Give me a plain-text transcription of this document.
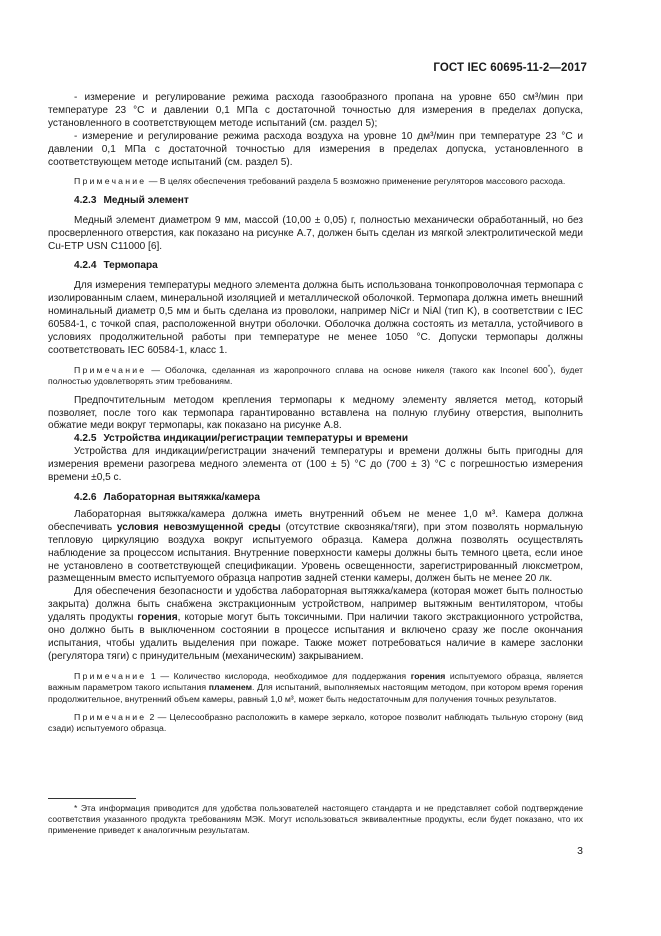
ГОСТ IEC 60695-11-2—2017

- измерение и регулирование режима расхода газообразного пропана на уровне 650 см³/мин при температуре 23 °С и давлении 0,1 МПа с достаточной точностью для измерения в пределах допуска, установленного в соответствующем методе испытаний (см. раздел 5);

- измерение и регулирование режима расхода воздуха на уровне 10 дм³/мин при температуре 23 °С и давлении 0,1 МПа с достаточной точностью для измерения в пределах допуска, установленного в соответствующем методе испытаний (см. раздел 5).

Примечание — В целях обеспечения требований раздела 5 возможно применение регуляторов массового расхода.

4.2.3 Медный элемент

Медный элемент диаметром 9 мм, массой (10,00 ± 0,05) г, полностью механически обработанный, но без просверленного отверстия, как показано на рисунке А.7, должен быть сделан из мягкой электролитической меди Cu-ETP USN C11000 [6].

4.2.4 Термопара

Для измерения температуры медного элемента должна быть использована тонкопроволочная термопара с изолированным слаем, минеральной изоляцией и металлической оболочкой. Термопара должна иметь внешний номинальный диаметр 0,5 мм и быть сделана из проволоки, например NiCr и NiAl (тип K), в соответствии с IEC 60584-1, с точкой спая, расположенной внутри оболочки. Оболочка должна состоять из металла, устойчивого в условиях продолжительной работы при температуре не менее 1050 °С. Допуски термопары должны соответствовать IEC 60584-1, класс 1.

Примечание — Оболочка, сделанная из жаропрочного сплава на основе никеля (такого как Inconel 600*), будет полностью удовлетворять этим требованиям.

Предпочтительным методом крепления термопары к медному элементу является метод, который позволяет, после того как термопара гарантированно вставлена на полную глубину отверстия, выполнить обжатие меди вокруг термопары, как показано на рисунке А.8.

4.2.5 Устройства индикации/регистрации температуры и времени

Устройства для индикации/регистрации значений температуры и времени должны быть пригодны для измерения времени разогрева медного элемента от (100 ± 5) °С до (700 ± 3) °С с погрешностью измерения времени ±0,5 с.

4.2.6 Лабораторная вытяжка/камера

Лабораторная вытяжка/камера должна иметь внутренний объем не менее 1,0 м³. Камера должна обеспечивать условия невозмущенной среды (отсутствие сквозняка/тяги), при этом позволять нормальную тепловую циркуляцию воздуха вокруг испытуемого образца. Камера должна позволять осуществлять наблюдение за процессом испытания. Внутренние поверхности камеры должны быть темного цвета, если иное не установлено в соответствующей спецификации. Уровень освещенности, зарегистрированный люксметром, размещенным вместо испытуемого образца напротив задней стенки камеры, должен быть не менее 20 лк.

Для обеспечения безопасности и удобства лабораторная вытяжка/камера (которая может быть полностью закрыта) должна быть снабжена экстракционным устройством, например вытяжным вентилятором, чтобы удалять продукты горения, которые могут быть токсичными. При наличии такого экстракционного устройства, оно должно быть в выключенном состоянии в процессе испытания и включено сразу же после окончания испытания, чтобы удалить выделения при пожаре. Также может потребоваться наличие в камере заслонки (регулятора тяги) с принудительным (механическим) закрыванием.

Примечание 1 — Количество кислорода, необходимое для поддержания горения испытуемого образца, является важным параметром такого испытания пламенем. Для испытаний, выполняемых настоящим методом, при котором время горения продолжительное, внутренний объем камеры, равный 1,0 м³, может быть недостаточным для получения точных результатов.

Примечание 2 — Целесообразно расположить в камере зеркало, которое позволит наблюдать тыльную сторону (вид сзади) испытуемого образца.

* Эта информация приводится для удобства пользователей настоящего стандарта и не представляет собой подтверждение соответствия указанного продукта требованиям МЭК. Могут использоваться эквивалентные продукты, если будет показано, что их применение приведет к аналогичным результатам.

3
